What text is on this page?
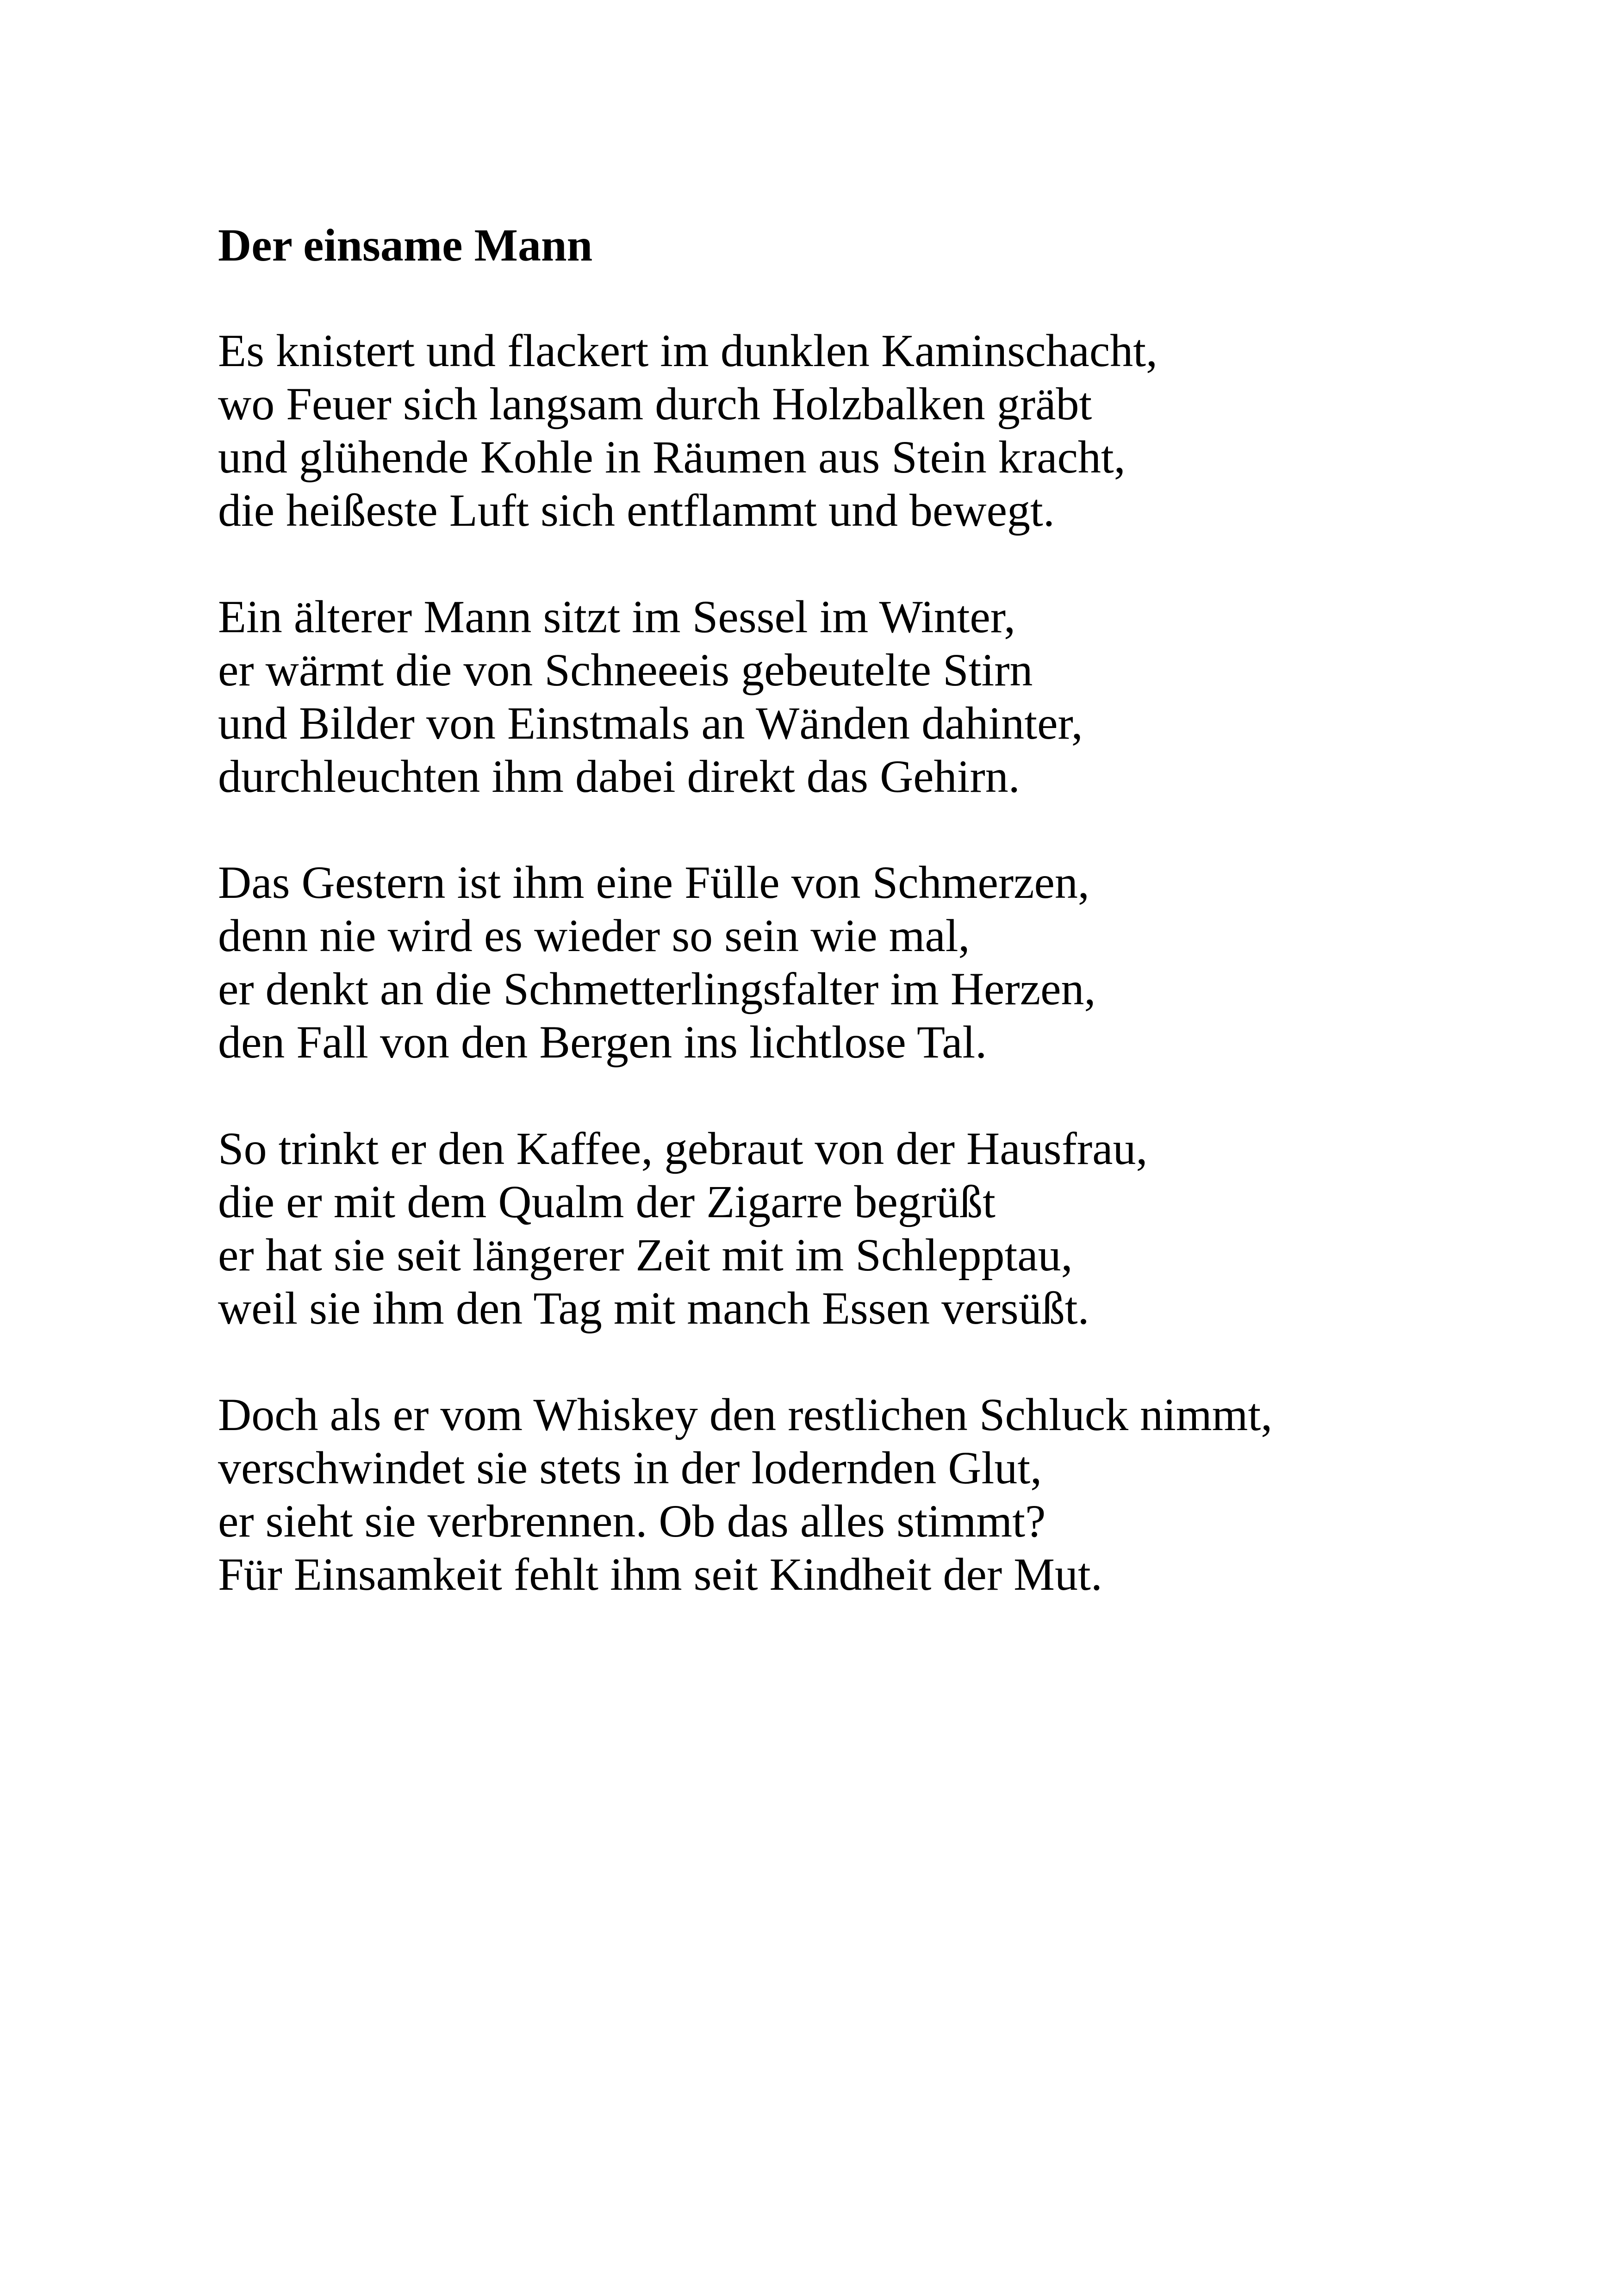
Der einsame Mann

Es knistert und flackert im dunklen Kaminschacht,
wo Feuer sich langsam durch Holzbalken gräbt
und glühende Kohle in Räumen aus Stein kracht,
die heißeste Luft sich entflammt und bewegt.

Ein älterer Mann sitzt im Sessel im Winter,
er wärmt die von Schneeeis gebeutelte Stirn
und Bilder von Einstmals an Wänden dahinter,
durchleuchten ihm dabei direkt das Gehirn.

Das Gestern ist ihm eine Fülle von Schmerzen,
denn nie wird es wieder so sein wie mal,
er denkt an die Schmetterlingsfalter im Herzen,
den Fall von den Bergen ins lichtlose Tal.

So trinkt er den Kaffee, gebraut von der Hausfrau,
die er mit dem Qualm der Zigarre begrüßt
er hat sie seit längerer Zeit mit im Schlepptau,
weil sie ihm den Tag mit manch Essen versüßt.

Doch als er vom Whiskey den restlichen Schluck nimmt,
verschwindet sie stets in der lodernden Glut,
er sieht sie verbrennen. Ob das alles stimmt?
Für Einsamkeit fehlt ihm seit Kindheit der Mut.
